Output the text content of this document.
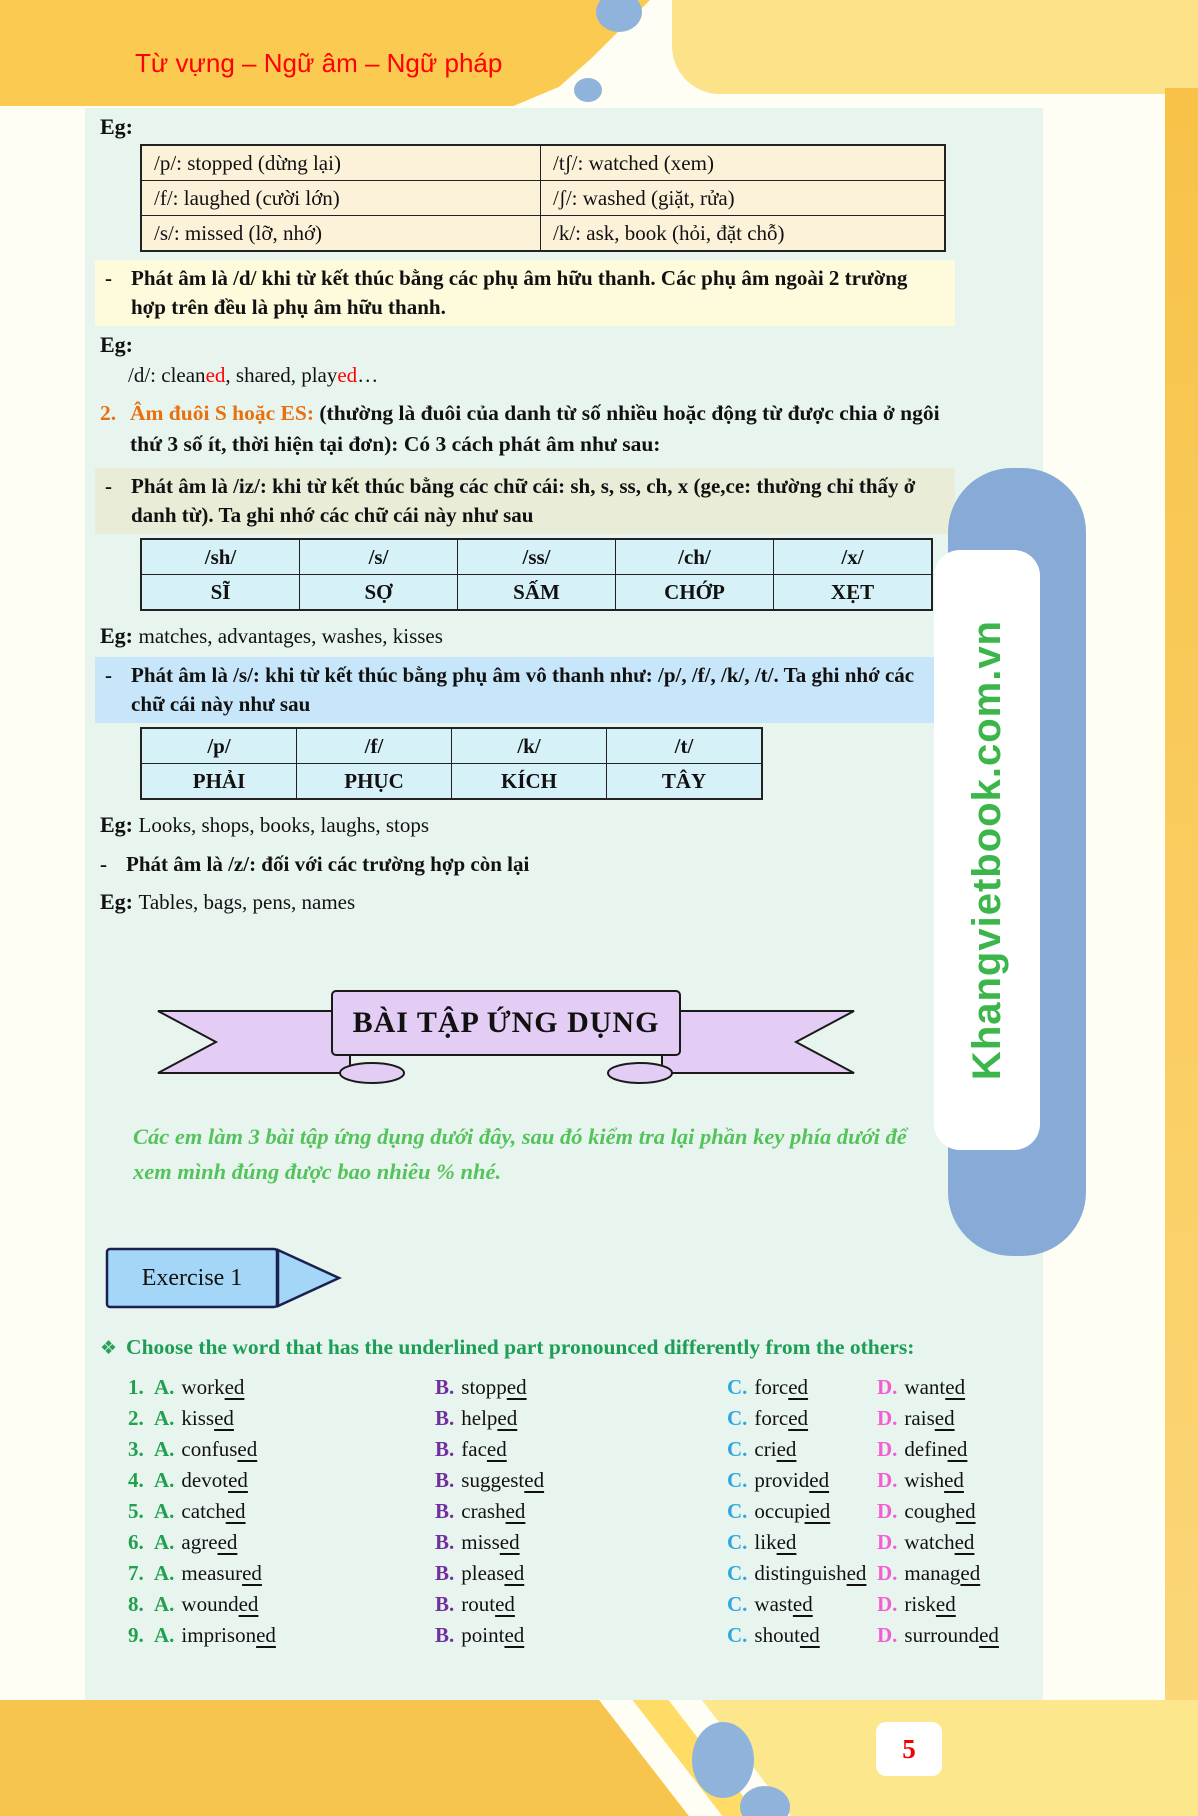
Từ vựng – Ngữ âm – Ngữ pháp
Eg:
/p/: stopped (dừng lại)	/tʃ/: watched (xem)
/f/: laughed (cười lớn)	/ʃ/: washed (giặt, rửa)
/s/: missed (lỡ, nhớ)	/k/: ask, book (hỏi, đặt chỗ)
- Phát âm là /d/ khi từ kết thúc bằng các phụ âm hữu thanh. Các phụ âm ngoài 2 trường hợp trên đều là phụ âm hữu thanh.
Eg:
/d/: cleaned, shared, played…
2. Âm đuôi S hoặc ES: (thường là đuôi của danh từ số nhiều hoặc động từ được chia ở ngôi thứ 3 số ít, thời hiện tại đơn): Có 3 cách phát âm như sau:
- Phát âm là /iz/: khi từ kết thúc bằng các chữ cái: sh, s, ss, ch, x (ge,ce: thường chỉ thấy ở danh từ). Ta ghi nhớ các chữ cái này như sau
/sh/	/s/	/ss/	/ch/	/x/
SĨ	SỢ	SẤM	CHỚP	XẸT
Eg: matches, advantages, washes, kisses
- Phát âm là /s/: khi từ kết thúc bằng phụ âm vô thanh như: /p/, /f/, /k/, /t/. Ta ghi nhớ các chữ cái này như sau
/p/	/f/	/k/	/t/
PHẢI	PHỤC	KÍCH	TÂY
Eg: Looks, shops, books, laughs, stops
- Phát âm là /z/: đối với các trường hợp còn lại
Eg: Tables, bags, pens, names
BÀI TẬP ỨNG DỤNG
Các em làm 3 bài tập ứng dụng dưới đây, sau đó kiểm tra lại phần key phía dưới để xem mình đúng được bao nhiêu % nhé.
Exercise 1
❖ Choose the word that has the underlined part pronounced differently from the others:
1. A. worked	B. stopped	C. forced	D. wanted
2. A. kissed	B. helped	C. forced	D. raised
3. A. confused	B. faced	C. cried	D. defined
4. A. devoted	B. suggested	C. provided	D. wished
5. A. catched	B. crashed	C. occupied	D. coughed
6. A. agreed	B. missed	C. liked	D. watched
7. A. measured	B. pleased	C. distinguished D. managed
8. A. wounded	B. routed	C. wasted	D. risked
9. A. imprisoned	B. pointed	C. shouted	D. surrounded
Khangvietbook.com.vn
5
